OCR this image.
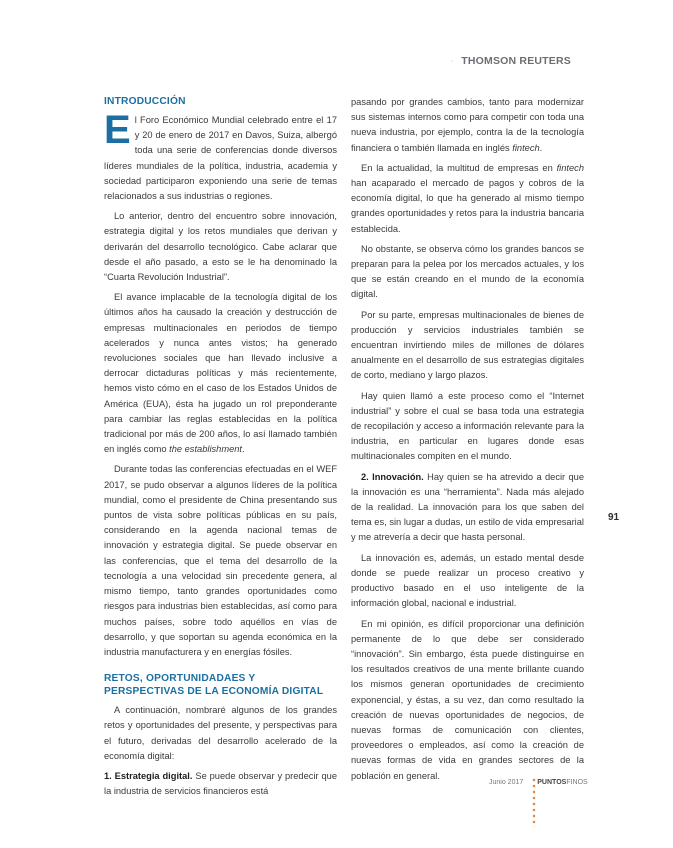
THOMSON REUTERS
INTRODUCCIÓN

El Foro Económico Mundial celebrado entre el 17 y 20 de enero de 2017 en Davos, Suiza, albergó toda una serie de conferencias donde diversos líderes mundiales de la política, industria, academia y sociedad participaron exponiendo una serie de temas relacionados a sus industrias o regiones.

Lo anterior, dentro del encuentro sobre innovación, estrategia digital y los retos mundiales que derivan y derivarán del desarrollo tecnológico. Cabe aclarar que desde el año pasado, a esto se le ha denominado la “Cuarta Revolución Industrial”.

El avance implacable de la tecnología digital de los últimos años ha causado la creación y destrucción de empresas multinacionales en periodos de tiempo acelerados y nunca antes vistos; ha generado revoluciones sociales que han llevado inclusive a derrocar dictaduras políticas y más recientemente, hemos visto cómo en el caso de los Estados Unidos de América (EUA), ésta ha jugado un rol preponderante para cambiar las reglas establecidas en la política tradicional por más de 200 años, lo así llamado también en inglés como the establishment.

Durante todas las conferencias efectuadas en el WEF 2017, se pudo observar a algunos líderes de la política mundial, como el presidente de China presentando sus puntos de vista sobre políticas públicas en su país, considerando en la agenda nacional temas de innovación y estrategia digital. Se puede observar en las conferencias, que el tema del desarrollo de la tecnología a una velocidad sin precedente genera, al mismo tiempo, tanto grandes oportunidades como riesgos para industrias bien establecidas, así como para muchos países, sobre todo aquéllos en vías de desarrollo, y que soportan su agenda económica en la industria manufacturera y en energías fósiles.

RETOS, OPORTUNIDADAES Y PERSPECTIVAS DE LA ECONOMÍA DIGITAL

A continuación, nombraré algunos de los grandes retos y oportunidades del presente, y perspectivas para el futuro, derivadas del desarrollo acelerado de la economía digital:

1. Estrategia digital. Se puede observar y predecir que la industria de servicios financieros está

pasando por grandes cambios, tanto para modernizar sus sistemas internos como para competir con toda una nueva industria, por ejemplo, contra la de la tecnología financiera o también llamada en inglés fintech.

En la actualidad, la multitud de empresas en fintech han acaparado el mercado de pagos y cobros de la economía digital, lo que ha generado al mismo tiempo grandes oportunidades y retos para la industria bancaria establecida.

No obstante, se observa cómo los grandes bancos se preparan para la pelea por los mercados actuales, y los que se están creando en el mundo de la economía digital.

Por su parte, empresas multinacionales de bienes de producción y servicios industriales también se encuentran invirtiendo miles de millones de dólares anualmente en el desarrollo de sus estrategias digitales de corto, mediano y largo plazos.

Hay quien llamó a este proceso como el “Internet industrial” y sobre el cual se basa toda una estrategia de recopilación y acceso a información relevante para la industria, en particular en lugares donde esas multinacionales compiten en el mundo.

2. Innovación. Hay quien se ha atrevido a decir que la innovación es una “herramienta”. Nada más alejado de la realidad. La innovación para los que saben del tema es, sin lugar a dudas, un estilo de vida empresarial y me atrevería a decir que hasta personal.

La innovación es, además, un estado mental desde donde se puede realizar un proceso creativo y productivo basado en el uso inteligente de la información global, nacional e industrial.

En mi opinión, es difícil proporcionar una definición permanente de lo que debe ser considerado “innovación”. Sin embargo, ésta puede distinguirse en los resultados creativos de una mente brillante cuando los mismos generan oportunidades de crecimiento exponencial, y éstas, a su vez, dan como resultado la creación de nuevas oportunidades de negocios, de nuevas formas de comunicación con clientes, proveedores o empleados, así como la creación de nuevas formas de vida en grandes sectores de la población en general.

91
Junio 2017 PUNTOSFINOS
